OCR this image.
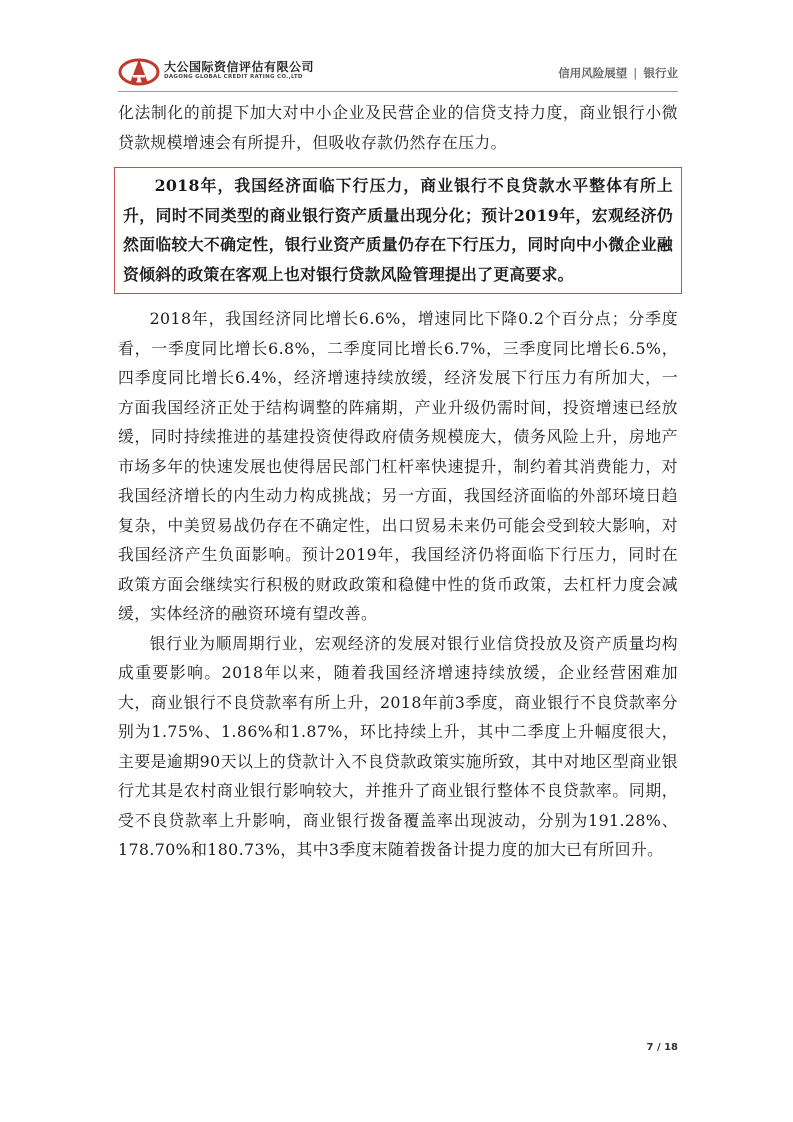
大公国际资信评估有限公司
DAGONG GLOBAL CREDIT RATING CO.,LTD	信用风险展望 | 银行业

化法制化的前提下加大对中小企业及民营企业的信贷支持力度，商业银行小微贷款规模增速会有所提升，但吸收存款仍然存在压力。

2018年，我国经济面临下行压力，商业银行不良贷款水平整体有所上升，同时不同类型的商业银行资产质量出现分化；预计2019年，宏观经济仍然面临较大不确定性，银行业资产质量仍存在下行压力，同时向中小微企业融资倾斜的政策在客观上也对银行贷款风险管理提出了更高要求。

2018年，我国经济同比增长6.6%，增速同比下降0.2个百分点；分季度看，一季度同比增长6.8%，二季度同比增长6.7%，三季度同比增长6.5%，四季度同比增长6.4%，经济增速持续放缓，经济发展下行压力有所加大，一方面我国经济正处于结构调整的阵痛期，产业升级仍需时间，投资增速已经放缓，同时持续推进的基建投资使得政府债务规模庞大，债务风险上升，房地产市场多年的快速发展也使得居民部门杠杆率快速提升，制约着其消费能力，对我国经济增长的内生动力构成挑战；另一方面，我国经济面临的外部环境日趋复杂，中美贸易战仍存在不确定性，出口贸易未来仍可能会受到较大影响，对我国经济产生负面影响。预计2019年，我国经济仍将面临下行压力，同时在政策方面会继续实行积极的财政政策和稳健中性的货币政策，去杠杆力度会减缓，实体经济的融资环境有望改善。

银行业为顺周期行业，宏观经济的发展对银行业信贷投放及资产质量均构成重要影响。2018年以来，随着我国经济增速持续放缓，企业经营困难加大，商业银行不良贷款率有所上升，2018年前3季度，商业银行不良贷款率分别为1.75%、1.86%和1.87%，环比持续上升，其中二季度上升幅度很大，主要是逾期90天以上的贷款计入不良贷款政策实施所致，其中对地区型商业银行尤其是农村商业银行影响较大，并推升了商业银行整体不良贷款率。同期，受不良贷款率上升影响，商业银行拨备覆盖率出现波动，分别为191.28%、178.70%和180.73%，其中3季度末随着拨备计提力度的加大已有所回升。

7 / 18
